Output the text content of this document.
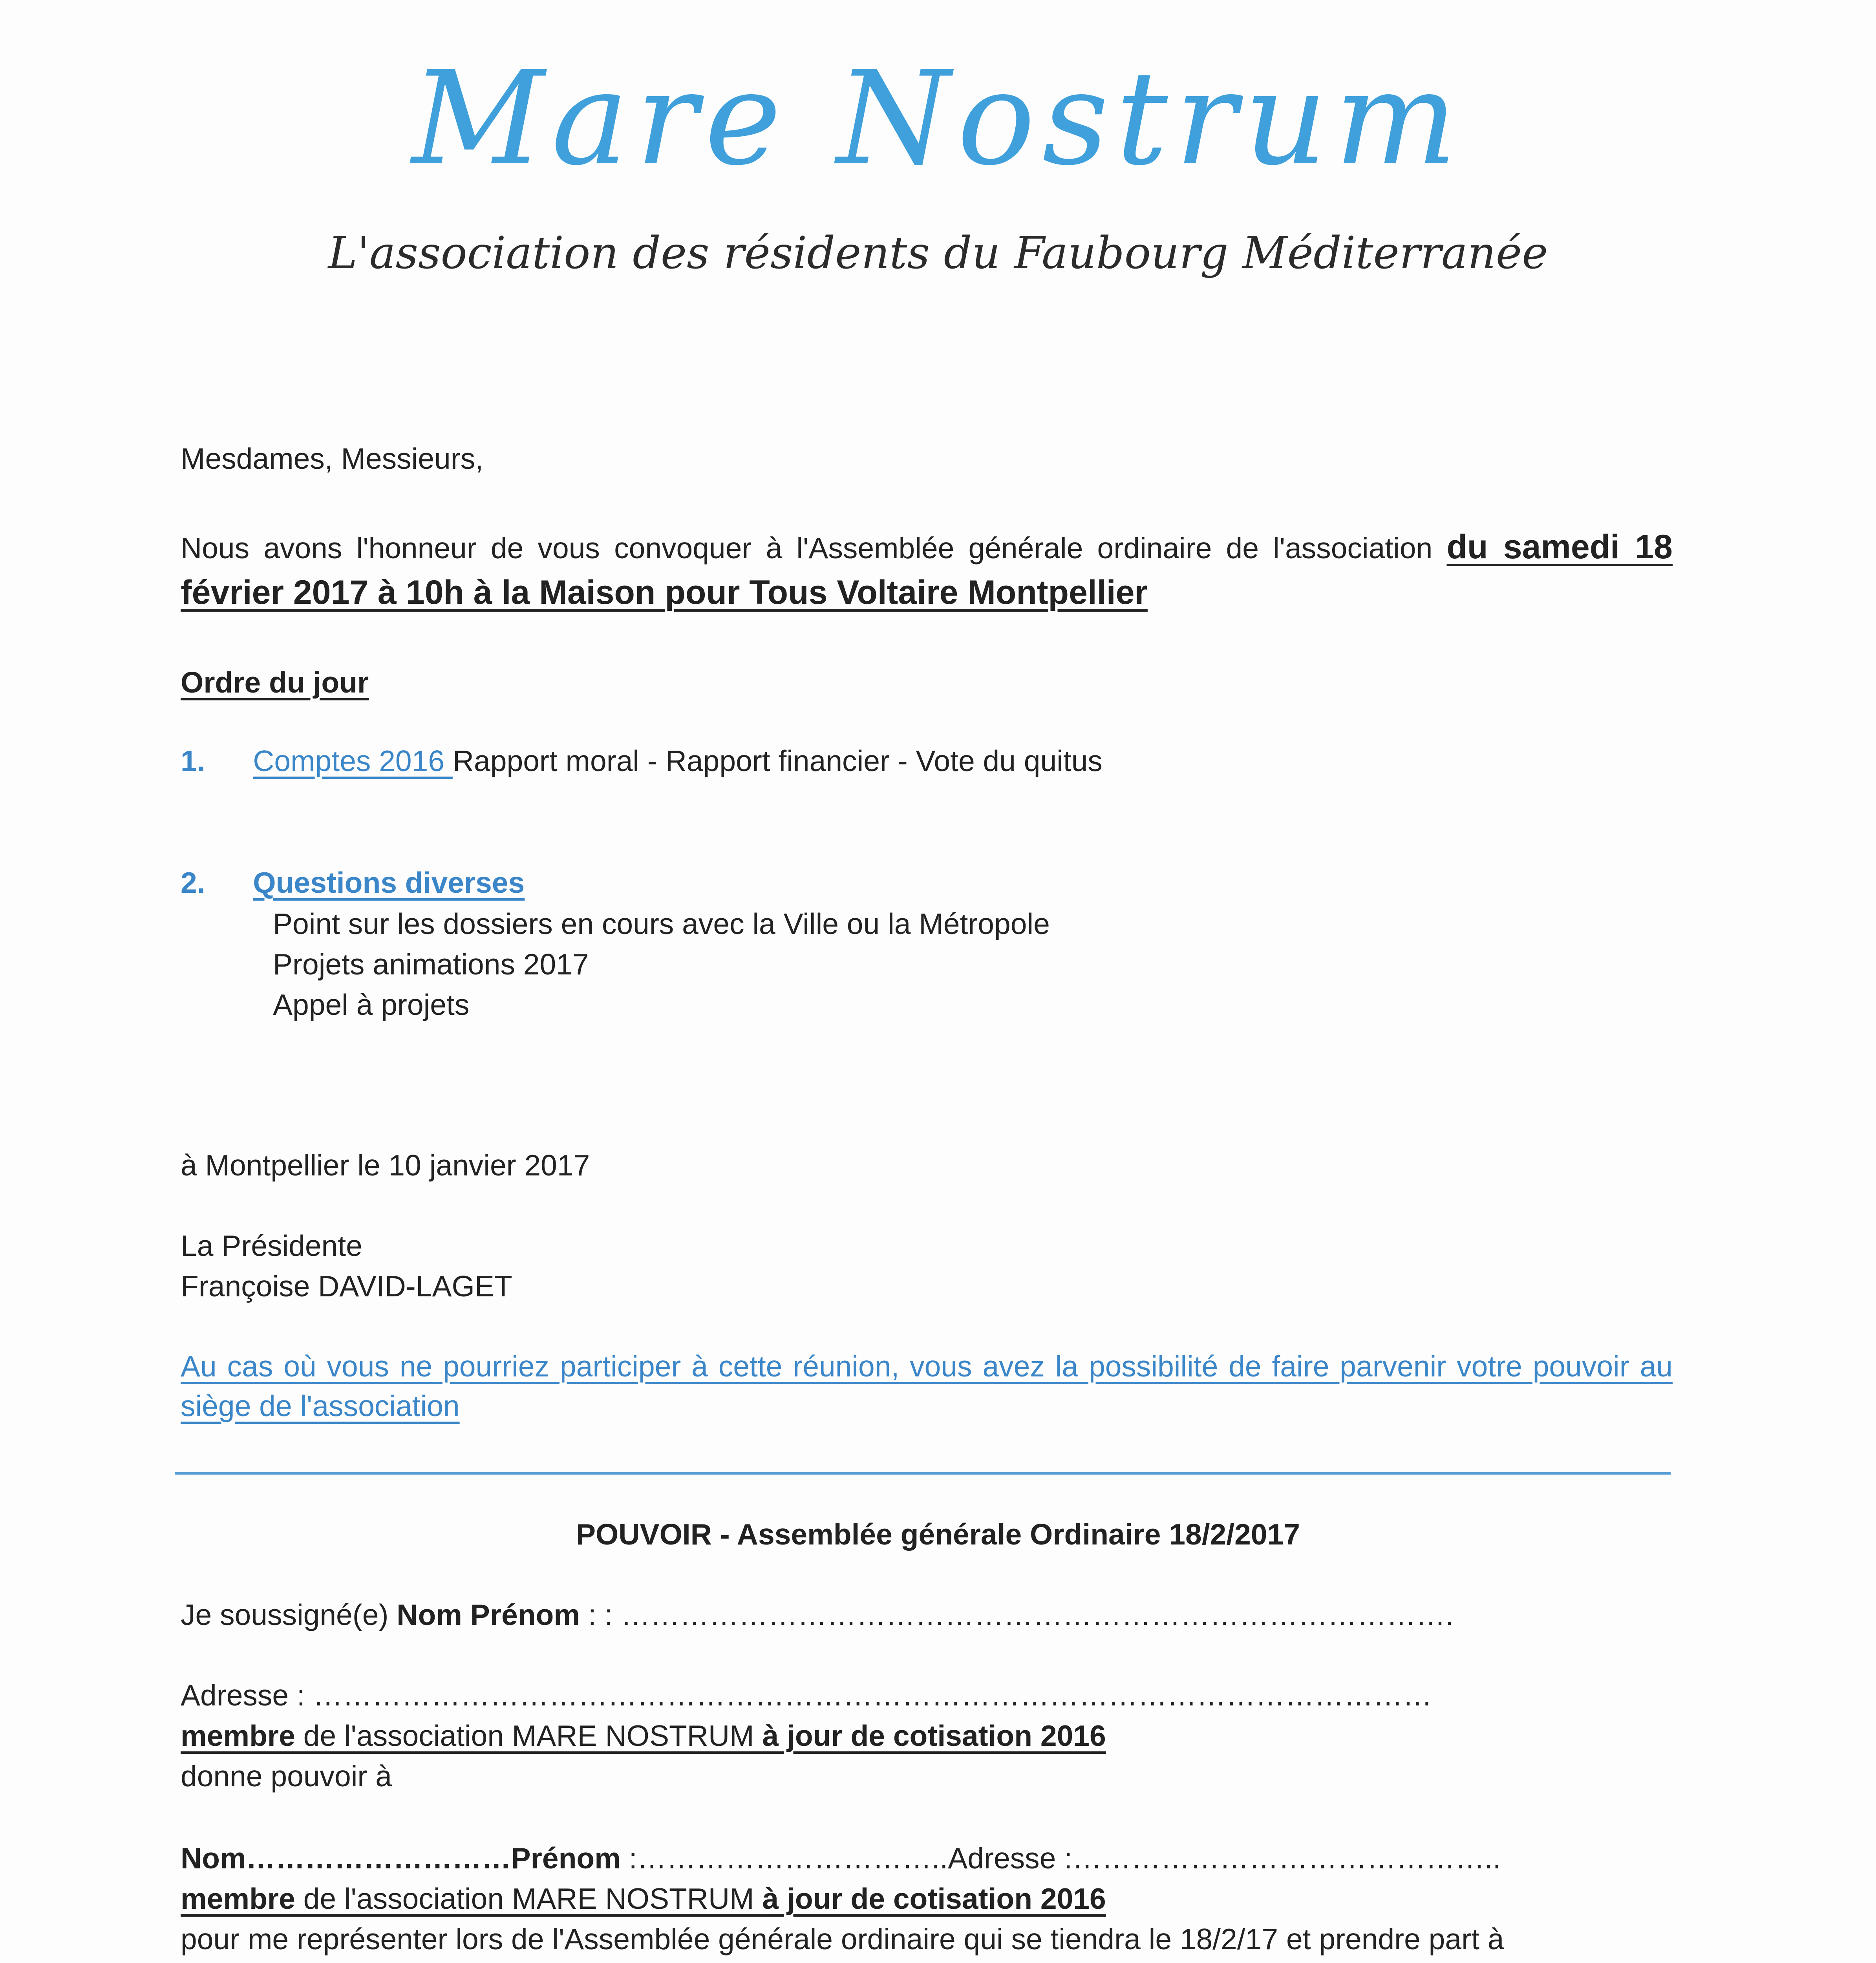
Mare Nostrum
L'association des résidents du Faubourg Méditerranée
Mesdames, Messieurs,
Nous avons l'honneur de vous convoquer à l'Assemblée générale ordinaire de l'association du samedi 18 février 2017 à 10h à la Maison pour Tous Voltaire Montpellier
Ordre du jour
1. Comptes 2016 Rapport moral - Rapport financier - Vote du quitus
2. Questions diverses
Point sur les dossiers en cours avec la Ville ou la Métropole
Projets animations 2017
Appel à projets
à Montpellier le 10 janvier 2017
La Présidente
Françoise DAVID-LAGET
Au cas où vous ne pourriez participer à cette réunion, vous avez la possibilité de faire parvenir votre pouvoir au siège de l'association
POUVOIR - Assemblée générale Ordinaire 18/2/2017
Je soussigné(e) Nom Prénom : : ………………………………………………………………………….
Adresse : ……………………………………………………………………………………………………
membre de l'association MARE NOSTRUM à jour de cotisation 2016
donne pouvoir à
Nom………………………Prénom :…………………………..Adresse :……………………………………..
membre de l'association MARE NOSTRUM à jour de cotisation 2016
pour me représenter lors de l'Assemblée générale ordinaire qui se tiendra le 18/2/17 et prendre part à
